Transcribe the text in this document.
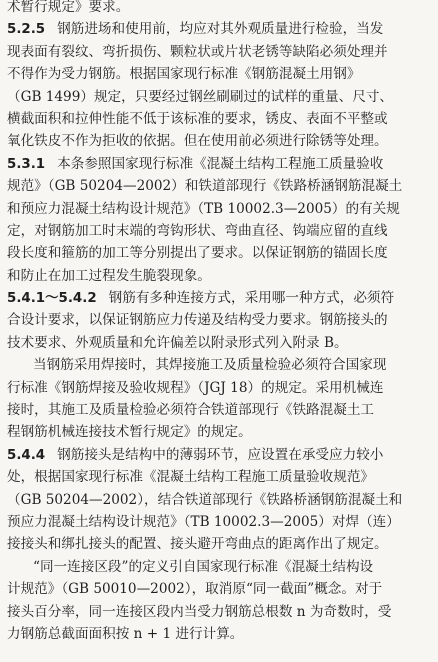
术暂行规定》要求。
5.2.5 钢筋进场和使用前，均应对其外观质量进行检验，当发
现表面有裂纹、弯折损伤、颗粒状或片状老锈等缺陷必须处理并
不得作为受力钢筋。根据国家现行标准《钢筋混凝土用钢》
（GB 1499）规定，只要经过钢丝刷刷过的试样的重量、尺寸、
横截面积和拉伸性能不低于该标准的要求，锈皮、表面不平整或
氧化铁皮不作为拒收的依据。但在使用前必须进行除锈等处理。
5.3.1 本条参照国家现行标准《混凝土结构工程施工质量验收
规范》（GB 50204—2002）和铁道部现行《铁路桥涵钢筋混凝土
和预应力混凝土结构设计规范》（TB 10002.3—2005）的有关规
定，对钢筋加工时末端的弯钩形状、弯曲直径、钩端应留的直线
段长度和箍筋的加工等分别提出了要求。以保证钢筋的锚固长度
和防止在加工过程发生脆裂现象。
5.4.1～5.4.2 钢筋有多种连接方式，采用哪一种方式，必须符
合设计要求，以保证钢筋应力传递及结构受力要求。钢筋接头的
技术要求、外观质量和允许偏差以附录形式列入附录 B。
当钢筋采用焊接时，其焊接施工及质量检验必须符合国家现
行标准《钢筋焊接及验收规程》（JGJ 18）的规定。采用机械连
接时，其施工及质量检验必须符合铁道部现行《铁路混凝土工
程钢筋机械连接技术暂行规定》的规定。
5.4.4 钢筋接头是结构中的薄弱环节，应设置在承受应力较小
处，根据国家现行标准《混凝土结构工程施工质量验收规范》
（GB 50204—2002），结合铁道部现行《铁路桥涵钢筋混凝土和
预应力混凝土结构设计规范》（TB 10002.3—2005）对焊（连）
接接头和绑扎接头的配置、接头避开弯曲点的距离作出了规定。
“同一连接区段”的定义引自国家现行标准《混凝土结构设
计规范》（GB 50010—2002），取消原“同一截面”概念。对于
接头百分率，同一连接区段内当受力钢筋总根数 n 为奇数时，受
力钢筋总截面面积按 n + 1 进行计算。
